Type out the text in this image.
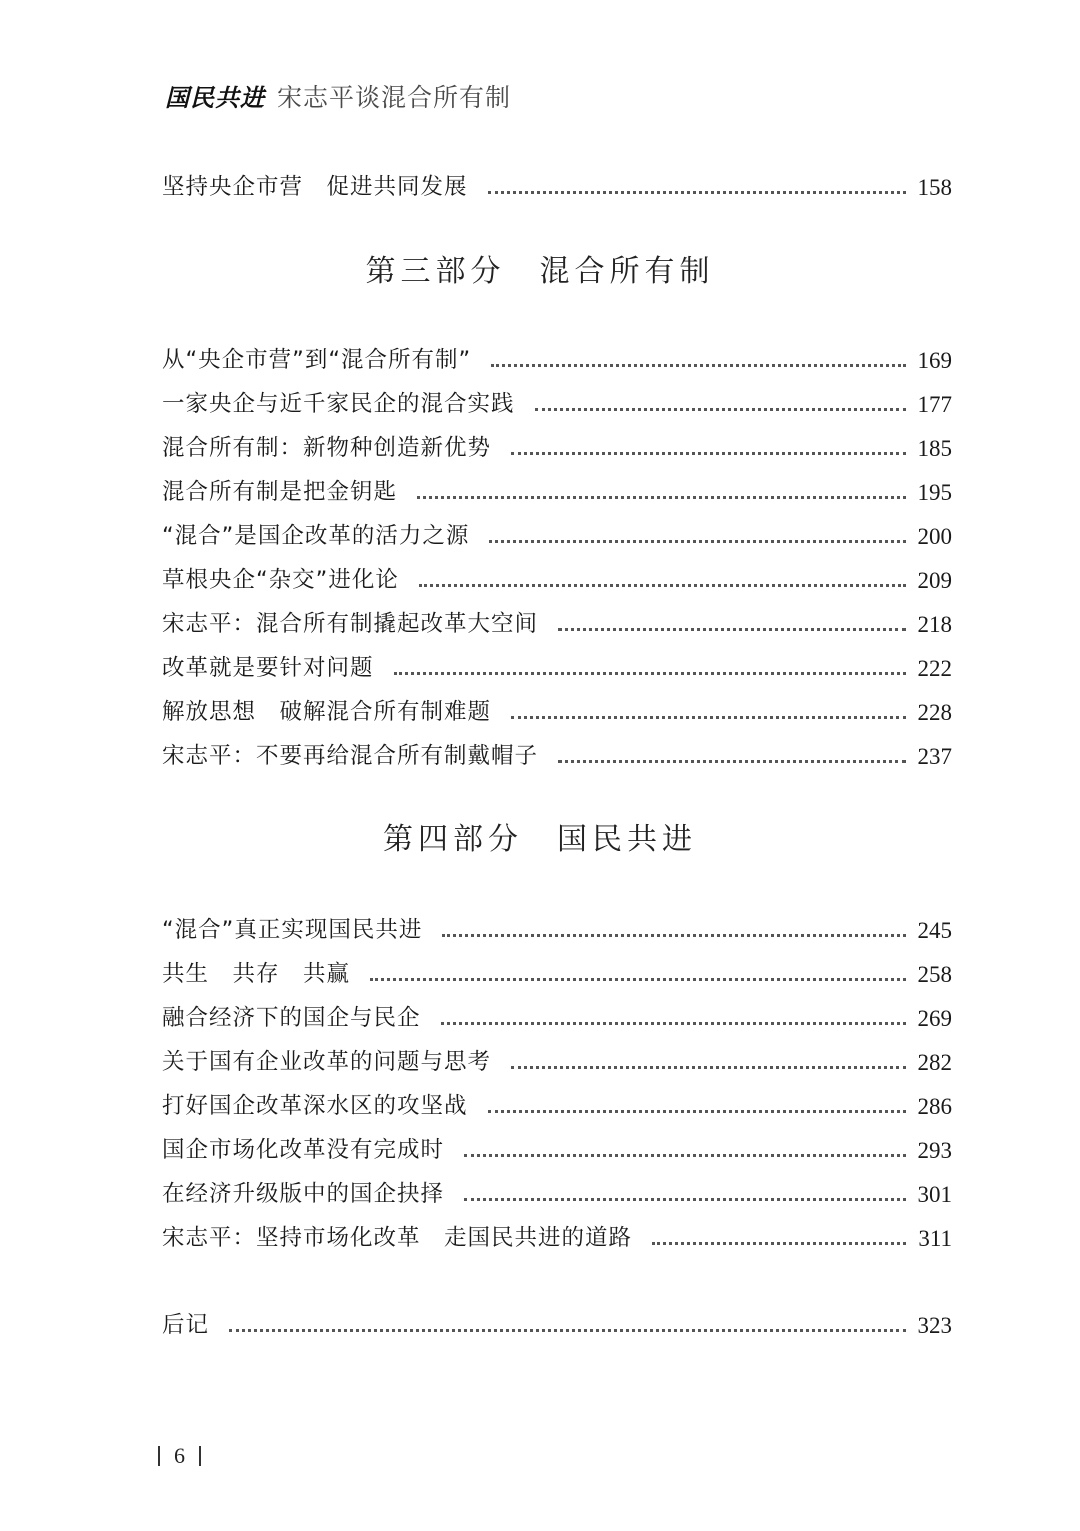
国民共进 宋志平谈混合所有制
坚持央企市营　促进共同发展	158
第三部分 混合所有制
从“央企市营”到“混合所有制”	169
一家央企与近千家民企的混合实践	177
混合所有制：新物种创造新优势	185
混合所有制是把金钥匙	195
“混合”是国企改革的活力之源	200
草根央企“杂交”进化论	209
宋志平：混合所有制撬起改革大空间	218
改革就是要针对问题	222
解放思想　破解混合所有制难题	228
宋志平：不要再给混合所有制戴帽子	237
第四部分 国民共进
“混合”真正实现国民共进	245
共生　共存　共赢	258
融合经济下的国企与民企	269
关于国有企业改革的问题与思考	282
打好国企改革深水区的攻坚战	286
国企市场化改革没有完成时	293
在经济升级版中的国企抉择	301
宋志平：坚持市场化改革　走国民共进的道路	311
后记	323
6
